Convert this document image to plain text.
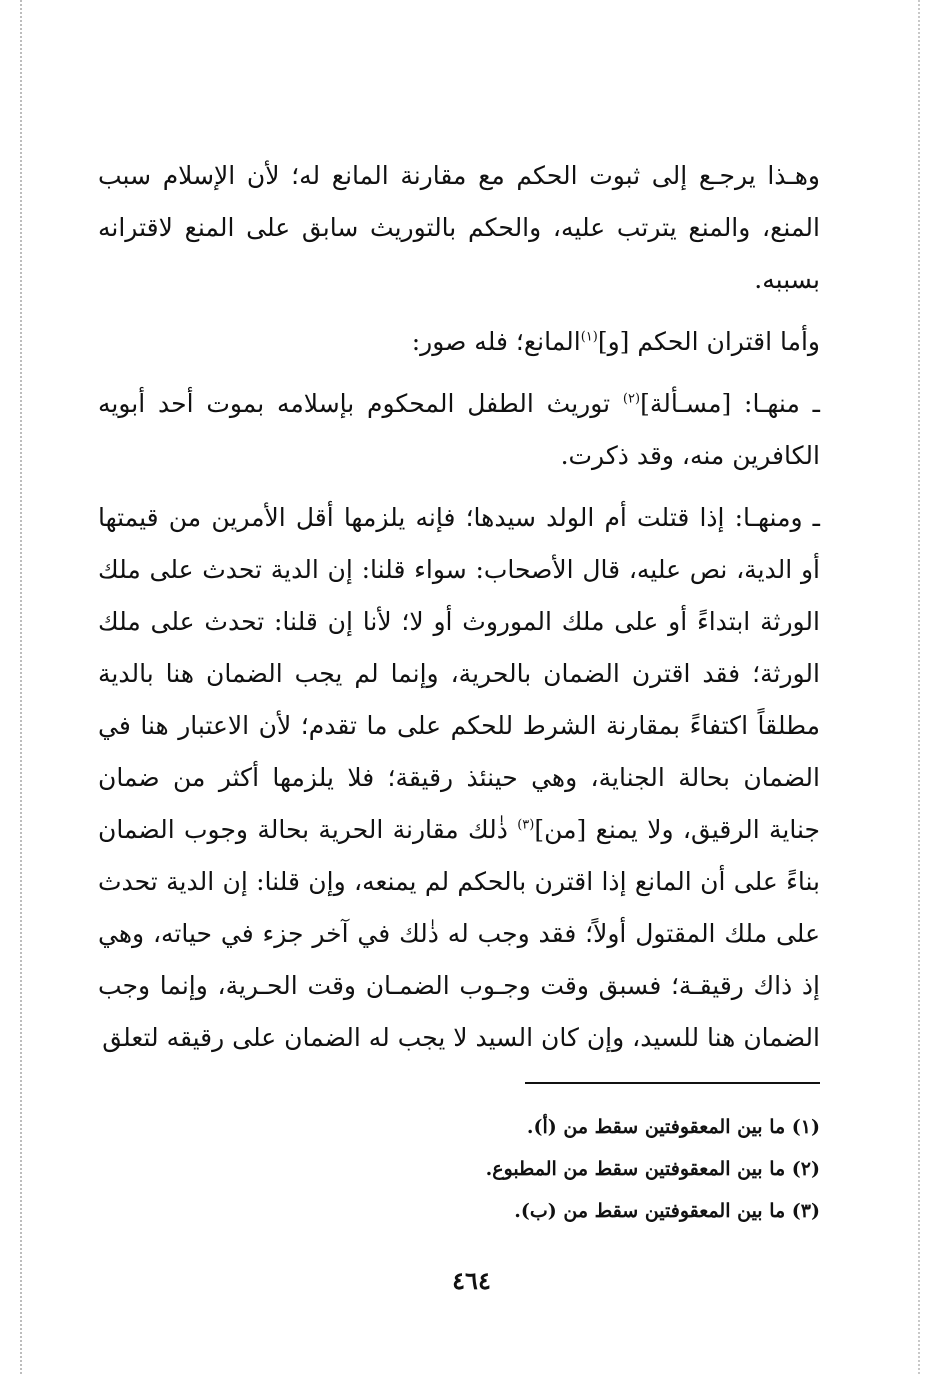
وهـذا يرجـع إلى ثبوت الحكم مع مقارنة المانع له؛ لأن الإسلام سبب المنع، والمنع يترتب عليه، والحكم بالتوريث سابق على المنع لاقترانه بسببه.

وأما اقتران الحكم [و]$^{(١)}$المانع؛ فله صور:

ـ منهـا: [مسـألة]$^{(٢)}$ توريث الطفل المحكوم بإسلامه بموت أحد أبويه الكافرين منه، وقد ذكرت.

ـ ومنهـا: إذا قتلت أم الولد سيدها؛ فإنه يلزمها أقل الأمرين من قيمتها أو الدية، نص عليه، قال الأصحاب: سواء قلنا: إن الدية تحدث على ملك الورثة ابتداءً أو على ملك الموروث أو لا؛ لأنا إن قلنا: تحدث على ملك الورثة؛ فقد اقترن الضمان بالحرية، وإنما لم يجب الضمان هنا بالدية مطلقاً اكتفاءً بمقارنة الشرط للحكم على ما تقدم؛ لأن الاعتبار هنا في الضمان بحالة الجناية، وهي حينئذ رقيقة؛ فلا يلزمها أكثر من ضمان جناية الرقيق، ولا يمنع [من]$^{(٣)}$ ذٰلك مقارنة الحرية بحالة وجوب الضمان بناءً على أن المانع إذا اقترن بالحكم لم يمنعه، وإن قلنا: إن الدية تحدث على ملك المقتول أولاً؛ فقد وجب له ذٰلك في آخر جزء في حياته، وهي إذ ذاك رقيقـة؛ فسبق وقت وجـوب الضمـان وقت الحـرية، وإنما وجب الضمان هنا للسيد، وإن كان السيد لا يجب له الضمان على رقيقه لتعلق

(١) ما بين المعقوفتين سقط من (أ).
(٢) ما بين المعقوفتين سقط من المطبوع.
(٣) ما بين المعقوفتين سقط من (ب).
٤٦٤
